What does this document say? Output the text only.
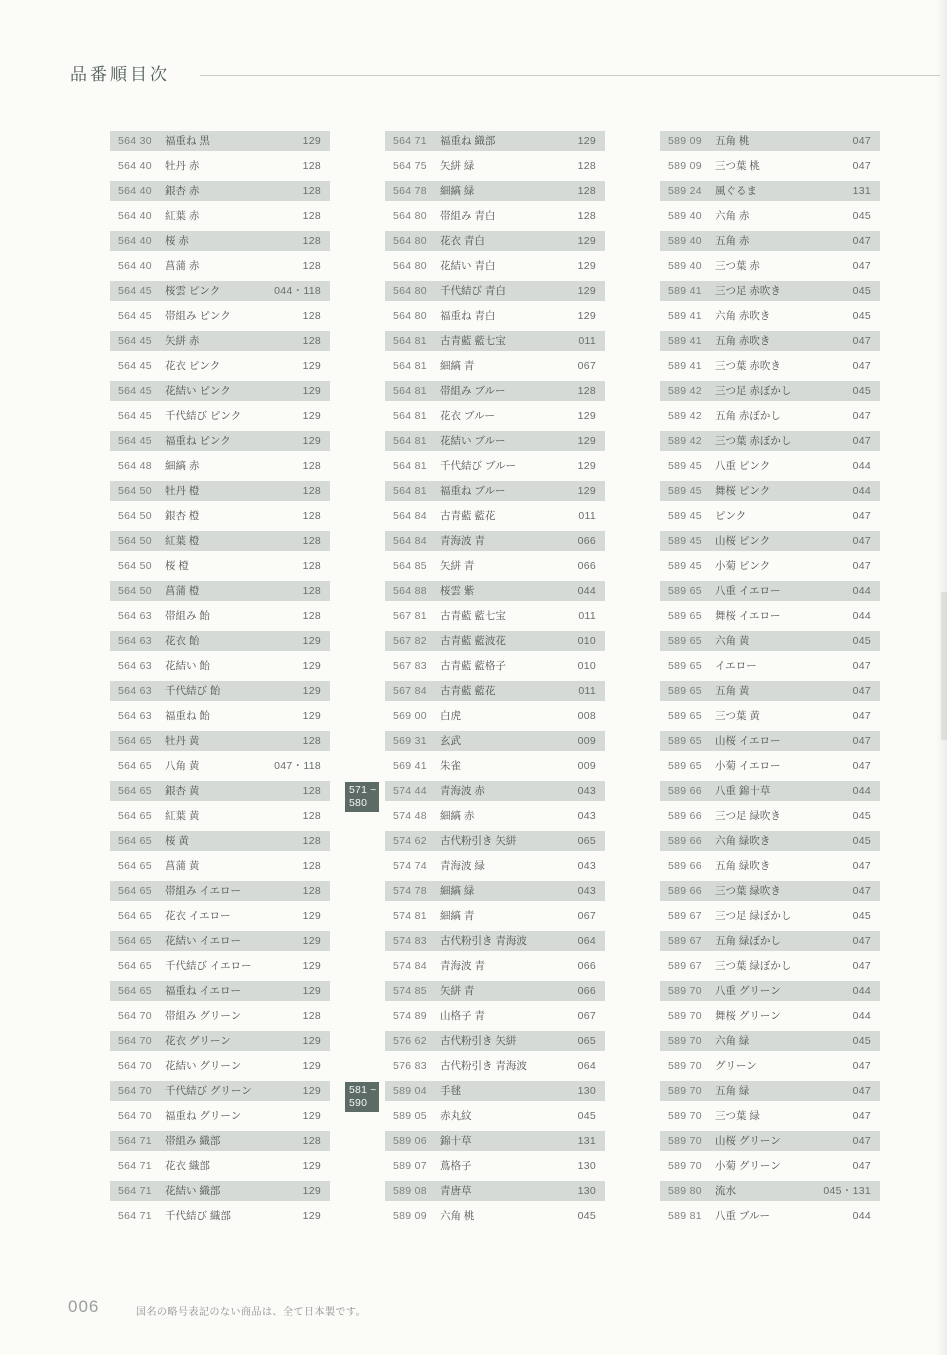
品番順目次
564 30	福重ね 黒	129
564 40	牡丹 赤	128
564 40	銀杏 赤	128
564 40	紅葉 赤	128
564 40	桜 赤	128
564 40	菖蒲 赤	128
564 45	桜雲 ピンク	044・118
564 45	帯組み ピンク	128
564 45	矢絣 赤	128
564 45	花衣 ピンク	129
564 45	花結い ピンク	129
564 45	千代結び ピンク	129
564 45	福重ね ピンク	129
564 48	細縞 赤	128
564 50	牡丹 橙	128
564 50	銀杏 橙	128
564 50	紅葉 橙	128
564 50	桜 橙	128
564 50	菖蒲 橙	128
564 63	帯組み 飴	128
564 63	花衣 飴	129
564 63	花結い 飴	129
564 63	千代結び 飴	129
564 63	福重ね 飴	129
564 65	牡丹 黄	128
564 65	八角 黄	047・118
564 65	銀杏 黄	128
564 65	紅葉 黄	128
564 65	桜 黄	128
564 65	菖蒲 黄	128
564 65	帯組み イエロー	128
564 65	花衣 イエロー	129
564 65	花結い イエロー	129
564 65	千代結び イエロー	129
564 65	福重ね イエロー	129
564 70	帯組み グリーン	128
564 70	花衣 グリーン	129
564 70	花結い グリーン	129
564 70	千代結び グリーン	129
564 70	福重ね グリーン	129
564 71	帯組み 織部	128
564 71	花衣 織部	129
564 71	花結い 織部	129
564 71	千代結び 織部	129
564 71	福重ね 織部	129
564 75	矢絣 緑	128
564 78	細縞 緑	128
564 80	帯組み 青白	128
564 80	花衣 青白	129
564 80	花結い 青白	129
564 80	千代結び 青白	129
564 80	福重ね 青白	129
564 81	古青藍 藍七宝	011
564 81	細縞 青	067
564 81	帯組み ブルー	128
564 81	花衣 ブルー	129
564 81	花結い ブルー	129
564 81	千代結び ブルー	129
564 81	福重ね ブルー	129
564 84	古青藍 藍花	011
564 84	青海波 青	066
564 85	矢絣 青	066
564 88	桜雲 紫	044
567 81	古青藍 藍七宝	011
567 82	古青藍 藍波花	010
567 83	古青藍 藍格子	010
567 84	古青藍 藍花	011
569 00	白虎	008
569 31	玄武	009
569 41	朱雀	009
574 44	青海波 赤	043
574 48	細縞 赤	043
574 62	古代粉引き 矢絣	065
574 74	青海波 緑	043
574 78	細縞 緑	043
574 81	細縞 青	067
574 83	古代粉引き 青海波	064
574 84	青海波 青	066
574 85	矢絣 青	066
574 89	山格子 青	067
576 62	古代粉引き 矢絣	065
576 83	古代粉引き 青海波	064
589 04	手毬	130
589 05	赤丸紋	045
589 06	錦十草	131
589 07	蔦格子	130
589 08	青唐草	130
589 09	六角 桃	045
589 09	五角 桃	047
589 09	三つ葉 桃	047
589 24	風ぐるま	131
589 40	六角 赤	045
589 40	五角 赤	047
589 40	三つ葉 赤	047
589 41	三つ足 赤吹き	045
589 41	六角 赤吹き	045
589 41	五角 赤吹き	047
589 41	三つ葉 赤吹き	047
589 42	三つ足 赤ぼかし	045
589 42	五角 赤ぼかし	047
589 42	三つ葉 赤ぼかし	047
589 45	八重 ピンク	044
589 45	舞桜 ピンク	044
589 45	ピンク	047
589 45	山桜 ピンク	047
589 45	小菊 ピンク	047
589 65	八重 イエロー	044
589 65	舞桜 イエロー	044
589 65	六角 黄	045
589 65	イエロー	047
589 65	五角 黄	047
589 65	三つ葉 黄	047
589 65	山桜 イエロー	047
589 65	小菊 イエロー	047
589 66	八重 錦十草	044
589 66	三つ足 緑吹き	045
589 66	六角 緑吹き	045
589 66	五角 緑吹き	047
589 66	三つ葉 緑吹き	047
589 67	三つ足 緑ぼかし	045
589 67	五角 緑ぼかし	047
589 67	三つ葉 緑ぼかし	047
589 70	八重 グリーン	044
589 70	舞桜 グリーン	044
589 70	六角 緑	045
589 70	グリーン	047
589 70	五角 緑	047
589 70	三つ葉 緑	047
589 70	山桜 グリーン	047
589 70	小菊 グリーン	047
589 80	流水	045・131
589 81	八重 ブルー	044
006	国名の略号表記のない商品は、全て日本製です。
571 ~
580
581 ~
590
